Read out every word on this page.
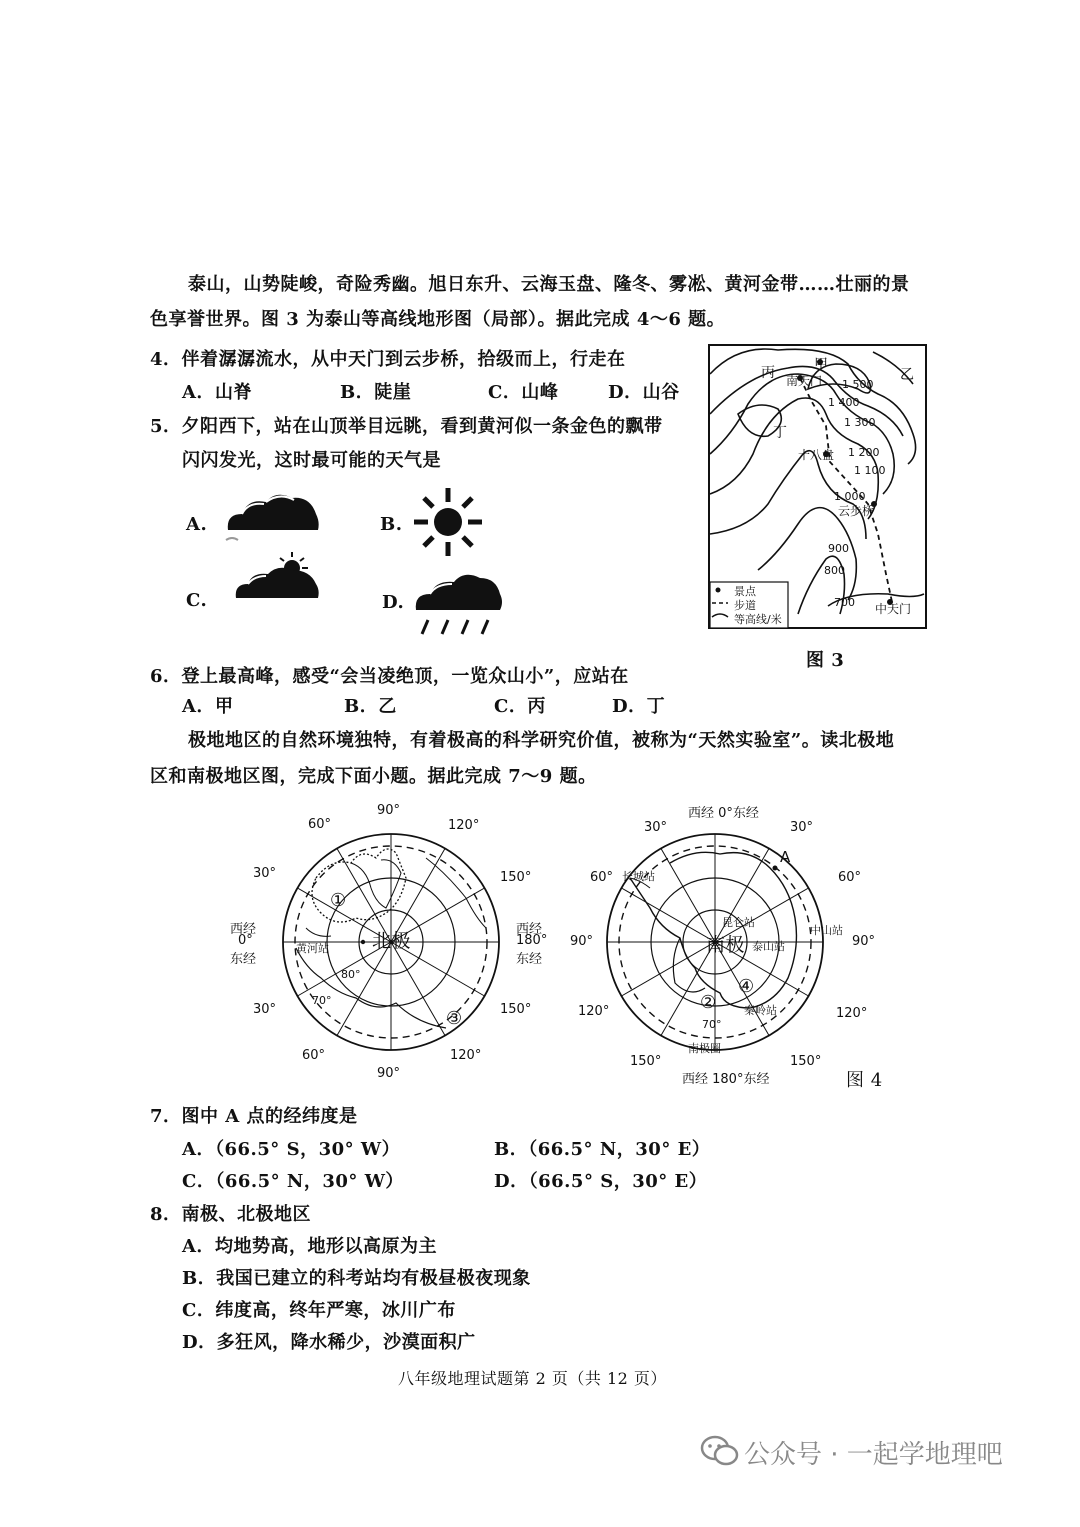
泰山，山势陡峻，奇险秀幽。旭日东升、云海玉盘、隆冬、雾凇、黄河金带……壮丽的景
色享誉世界。图 3 为泰山等高线地形图（局部）。据此完成 4～6 题。
4．伴着潺潺流水，从中天门到云步桥，拾级而上，行走在
A．山脊	B．陡崖	C．山峰	D．山谷
5．夕阳西下，站在山顶举目远眺，看到黄河似一条金色的飘带
闪闪发光，这时最可能的天气是
A.	B.
C.	D.
丙	甲
乙
丁
南天门
十八盘
云步桥
中天门
1 500
1 400
1 300
1 200
1 100
1 000
900
800
700
景点
步道
等高线/米
图 3
6．登上最高峰，感受“会当凌绝顶，一览众山小”，应站在
A．甲	B．乙	C．丙	D．丁
极地地区的自然环境独特，有着极高的科学研究价值，被称为“天然实验室”。读北极地
区和南极地区图，完成下面小题。据此完成 7～9 题。
北极
90°
90°
60°	120°
30°	150°
30°	150°
60°	120°
西经
0°
东经
西经
180°
东经
黄河站
80°
70°
①
③
南极
西经 0°东经
西经 180°东经
30°	30°
60°	60°
90°	90°
120°	120°
150°	150°
A
长城站
昆仑站
中山站
泰山站
秦岭站
南极圈
70°
②
④
图 4
7．图中 A 点的经纬度是
A．（66.5° S，30° W）	B．（66.5° N，30° E）
C．（66.5° N，30° W）	D．（66.5° S，30° E）
8．南极、北极地区
A．均地势高，地形以高原为主
B．我国已建立的科考站均有极昼极夜现象
C．纬度高，终年严寒，冰川广布
D．多狂风，降水稀少，沙漠面积广
八年级地理试题第 2 页（共 12 页）
公众号 · 一起学地理吧
